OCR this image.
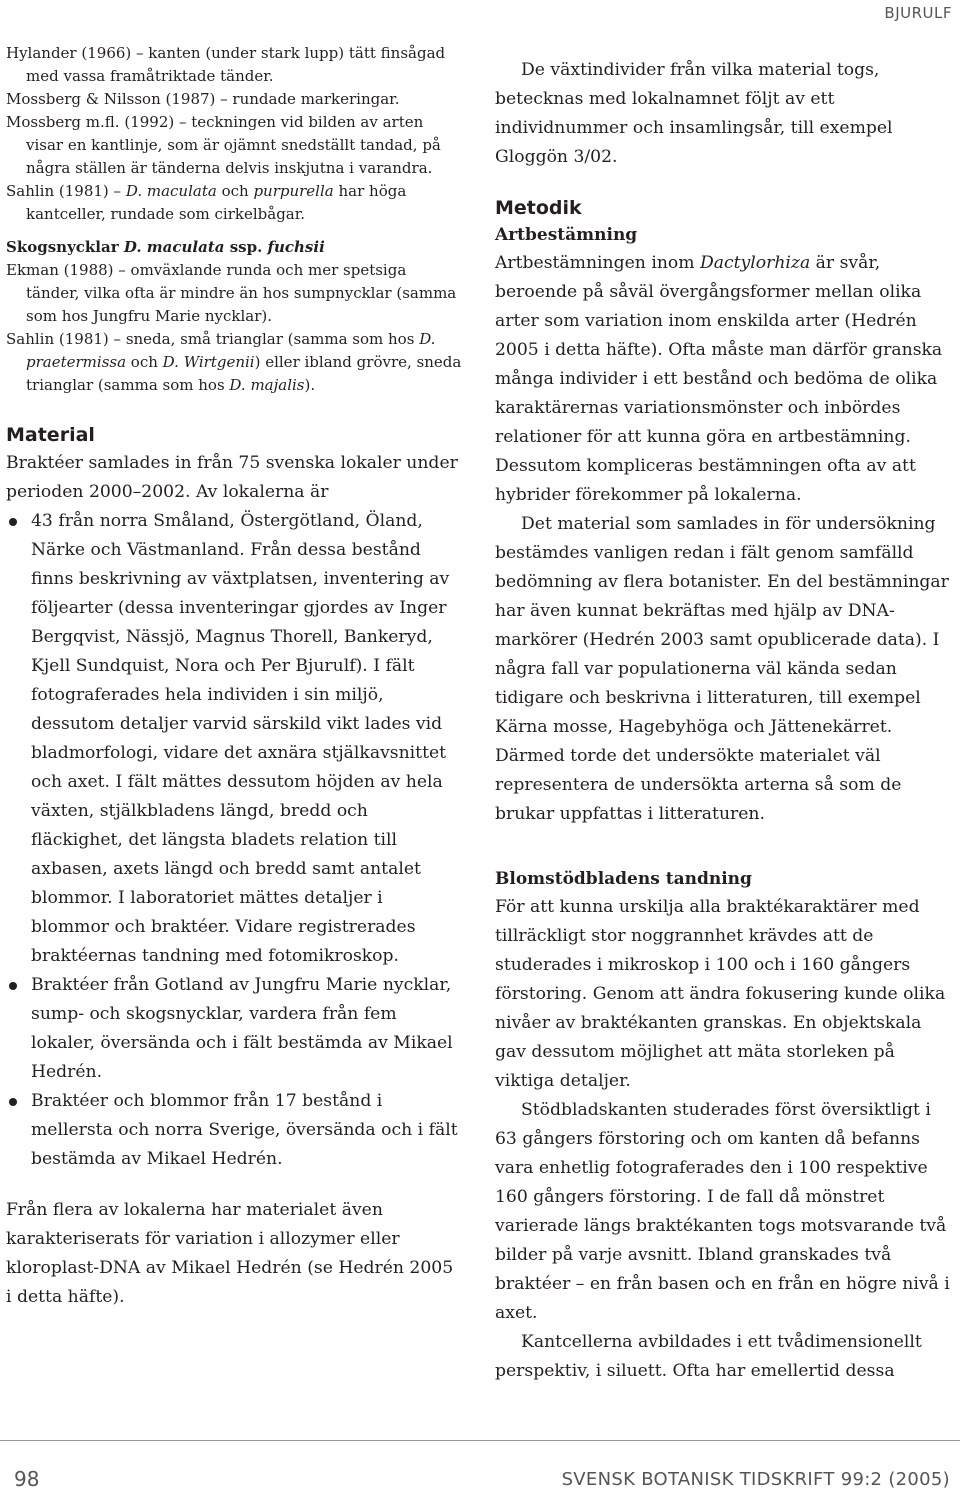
BJURULF

Hylander (1966) – kanten (under stark lupp) tätt finsågad med vassa framåtriktade tänder.

Mossberg & Nilsson (1987) – rundade markeringar.

Mossberg m.fl. (1992) – teckningen vid bilden av arten visar en kantlinje, som är ojämnt snedställt tandad, på några ställen är tänderna delvis inskjutna i varandra.

Sahlin (1981) – D. maculata och purpurella har höga kantceller, rundade som cirkelbågar.

Skogsnycklar D. maculata ssp. fuchsii

Ekman (1988) – omväxlande runda och mer spetsiga tänder, vilka ofta är mindre än hos sumpnycklar (samma som hos Jungfru Marie nycklar).

Sahlin (1981) – sneda, små trianglar (samma som hos D. praetermissa och D. Wirtgenii) eller ibland grövre, sneda trianglar (samma som hos D. majalis).

Material

Braktéer samlades in från 75 svenska lokaler under perioden 2000–2002. Av lokalerna är

43 från norra Småland, Östergötland, Öland, Närke och Västmanland. Från dessa bestånd finns beskrivning av växtplatsen, inventering av följearter (dessa inventeringar gjordes av Inger Bergqvist, Nässjö, Magnus Thorell, Bankeryd, Kjell Sundquist, Nora och Per Bjurulf). I fält fotograferades hela individen i sin miljö, dessutom detaljer varvid särskild vikt lades vid bladmorfologi, vidare det axnära stjälkavsnittet och axet. I fält mättes dessutom höjden av hela växten, stjälkbladens längd, bredd och fläckighet, det längsta bladets relation till axbasen, axets längd och bredd samt antalet blommor. I laboratoriet mättes detaljer i blommor och braktéer. Vidare registrerades braktéernas tandning med fotomikroskop.
Braktéer från Gotland av Jungfru Marie nycklar, sump- och skogsnycklar, vardera från fem lokaler, översända och i fält bestämda av Mikael Hedrén.
Braktéer och blommor från 17 bestånd i mellersta och norra Sverige, översända och i fält bestämda av Mikael Hedrén.

Från flera av lokalerna har materialet även karakteriserats för variation i allozymer eller kloroplast-DNA av Mikael Hedrén (se Hedrén 2005 i detta häfte).

De växtindivider från vilka material togs, betecknas med lokalnamnet följt av ett individnummer och insamlingsår, till exempel Gloggön 3/02.

Metodik
Artbestämning

Artbestämningen inom Dactylorhiza är svår, beroende på såväl övergångsformer mellan olika arter som variation inom enskilda arter (Hedrén 2005 i detta häfte). Ofta måste man därför granska många individer i ett bestånd och bedöma de olika karaktärernas variationsmönster och inbördes relationer för att kunna göra en artbestämning. Dessutom kompliceras bestämningen ofta av att hybrider förekommer på lokalerna.

Det material som samlades in för undersökning bestämdes vanligen redan i fält genom samfälld bedömning av flera botanister. En del bestämningar har även kunnat bekräftas med hjälp av DNA-markörer (Hedrén 2003 samt opublicerade data). I några fall var populationerna väl kända sedan tidigare och beskrivna i litteraturen, till exempel Kärna mosse, Hagebyhöga och Jättenekärret. Därmed torde det undersökte materialet väl representera de undersökta arterna så som de brukar uppfattas i litteraturen.

Blomstödbladens tandning

För att kunna urskilja alla braktékaraktärer med tillräckligt stor noggrannhet krävdes att de studerades i mikroskop i 100 och i 160 gångers förstoring. Genom att ändra fokusering kunde olika nivåer av braktékanten granskas. En objektskala gav dessutom möjlighet att mäta storleken på viktiga detaljer.

Stödbladskanten studerades först översiktligt i 63 gångers förstoring och om kanten då befanns vara enhetlig fotograferades den i 100 respektive 160 gångers förstoring. I de fall då mönstret varierade längs braktékanten togs motsvarande två bilder på varje avsnitt. Ibland granskades två braktéer – en från basen och en från en högre nivå i axet.

Kantcellerna avbildades i ett tvådimensionellt perspektiv, i siluett. Ofta har emellertid dessa

98	SVENSK BOTANISK TIDSKRIFT 99:2 (2005)
